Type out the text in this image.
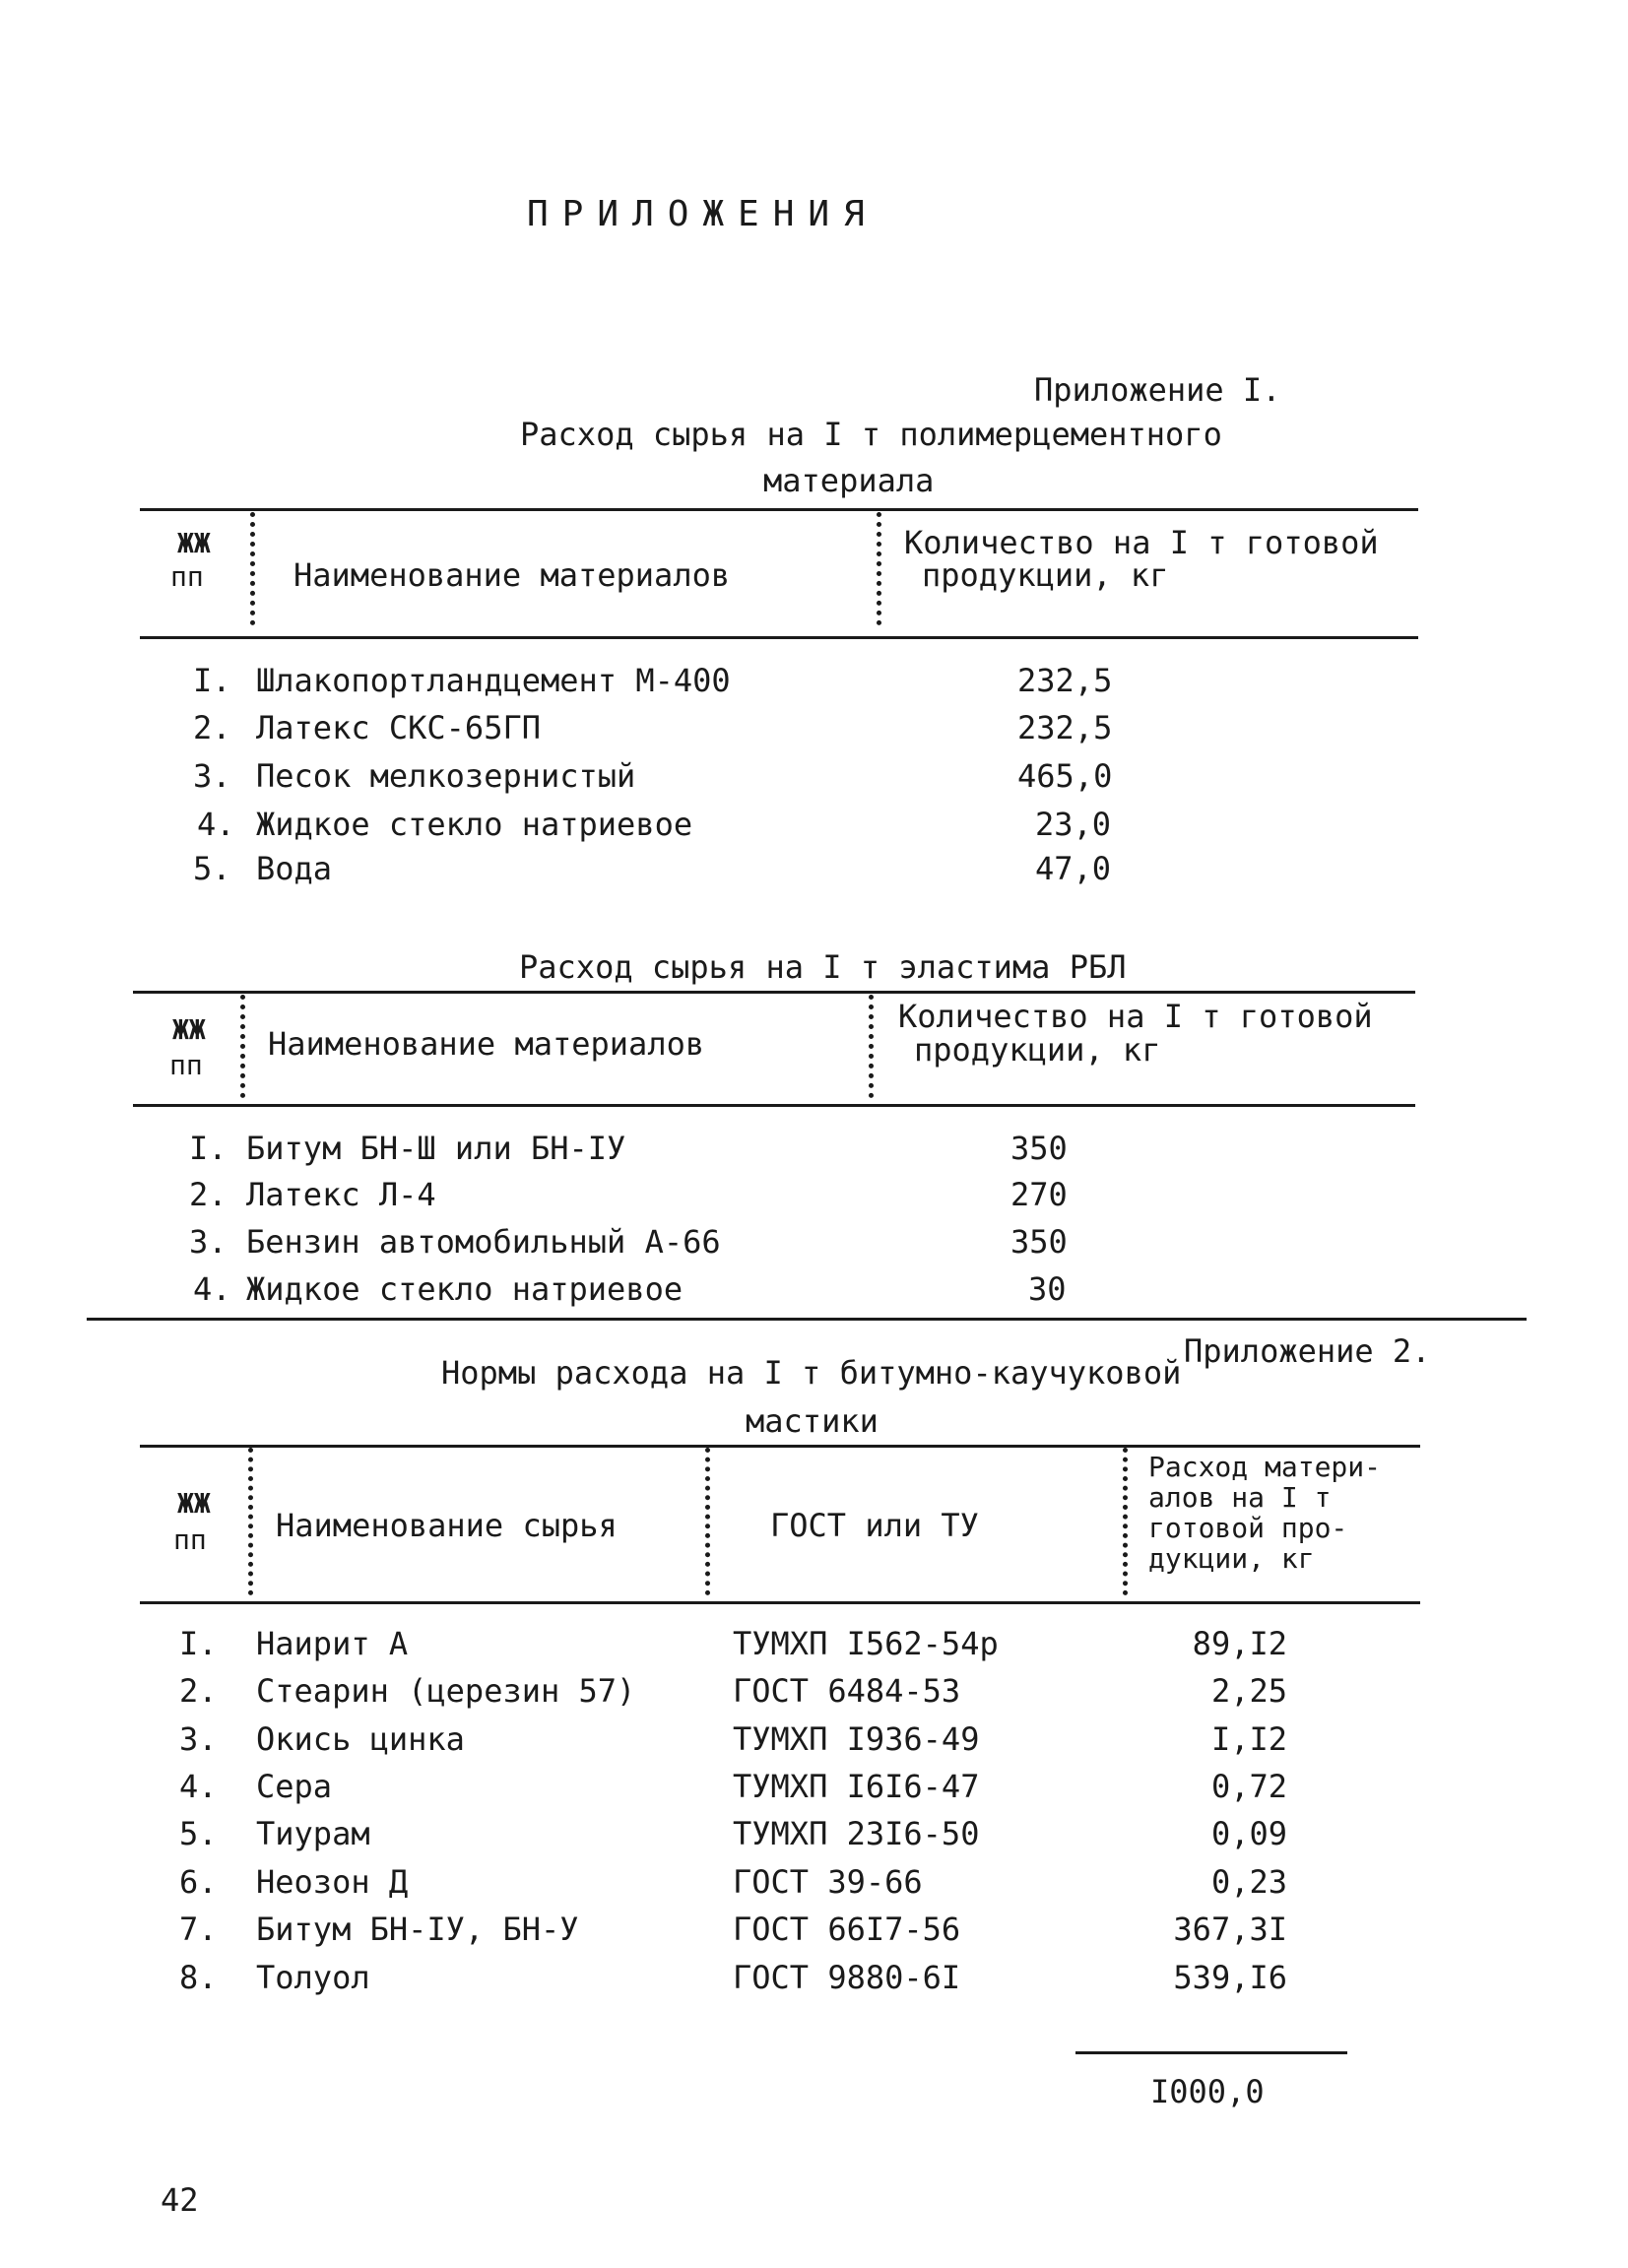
ПРИЛОЖЕНИЯ
Приложение I.
Расход сырья на I т полимерцементного
материала
ЖЖ
пп	Наименование материалов
Количество на I т готовой
продукции, кг
I. Шлакопортландцемент М-400	232,5
2. Латекс СКС-65ГП	232,5
3. Песок мелкозернистый	465,0
4. Жидкое стекло натриевое	23,0
5. Вода	47,0
Расход сырья на I т эластима РБЛ
ЖЖ
пп
Наименование материалов
Количество на I т готовой
продукции, кг
I. Битум БН-Ш или БН-IУ	350
2. Латекс Л-4	270
3. Бензин автомобильный А-66	350
4. Жидкое стекло натриевое	30
Приложение 2.
Нормы расхода на I т битумно-каучуковой
мастики
ЖЖ
пп Наименование сырья	ГОСТ или ТУ
Расход матери-
алов на I т
готовой про-
дукции, кг
I. Наирит А	ТУМХП I562-54р	89,I2
2. Стеарин (церезин 57)	ГОСТ 6484-53	2,25
3. Окись цинка	ТУМХП I936-49	I,I2
4. Сера	ТУМХП I6I6-47	0,72
5. Тиурам	ТУМХП 23I6-50	0,09
6. Неозон Д	ГОСТ 39-66	0,23
7. Битум БН-IУ, БН-У	ГОСТ 66I7-56	367,3I
8. Толуол	ГОСТ 9880-6I	539,I6
I000,0
42
